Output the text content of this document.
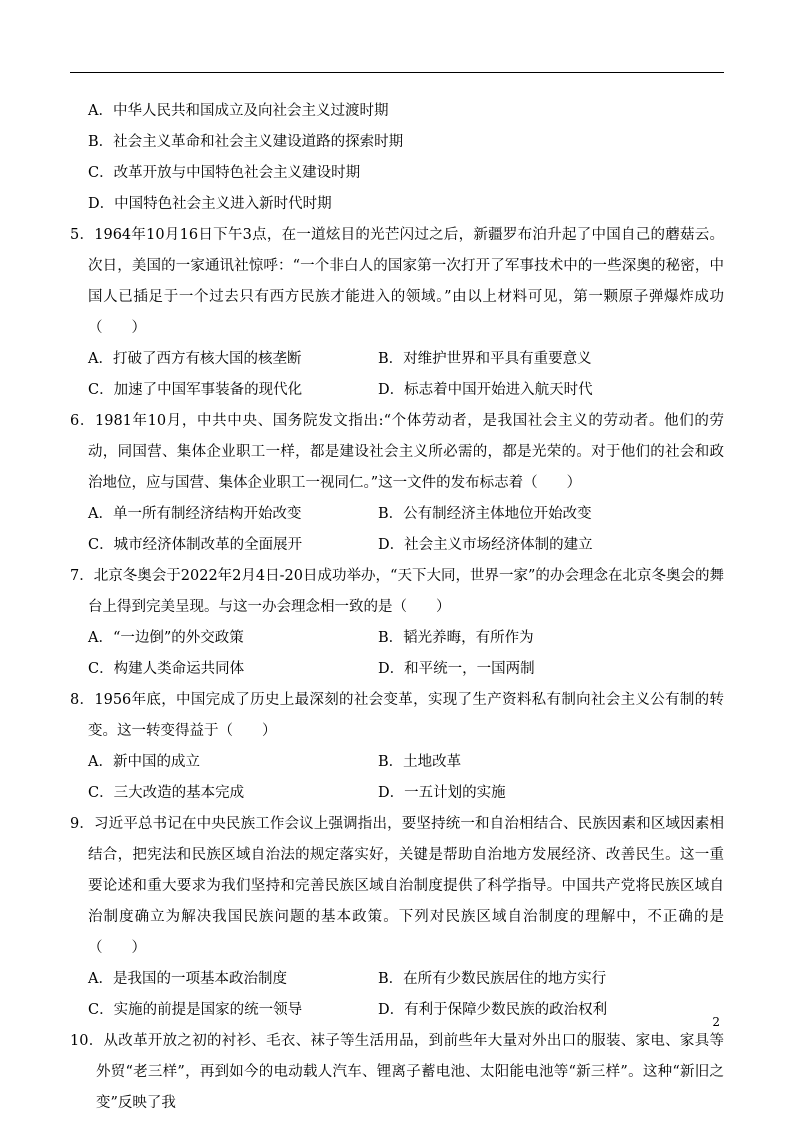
A．中华人民共和国成立及向社会主义过渡时期
B．社会主义革命和社会主义建设道路的探索时期
C．改革开放与中国特色社会主义建设时期
D．中国特色社会主义进入新时代时期

5．1964年10月16日下午3点，在一道炫目的光芒闪过之后，新疆罗布泊升起了中国自己的蘑菇云。次日，美国的一家通讯社惊呼：“一个非白人的国家第一次打开了军事技术中的一些深奥的秘密，中国人已插足于一个过去只有西方民族才能进入的领域。”由以上材料可见，第一颗原子弹爆炸成功（　　）

A．打破了西方有核大国的核垄断	B．对维护世界和平具有重要意义
C．加速了中国军事装备的现代化	D．标志着中国开始进入航天时代

6．1981年10月，中共中央、国务院发文指出:“个体劳动者，是我国社会主义的劳动者。他们的劳动，同国营、集体企业职工一样，都是建设社会主义所必需的，都是光荣的。对于他们的社会和政治地位，应与国营、集体企业职工一视同仁。”这一文件的发布标志着（　　）

A．单一所有制经济结构开始改变	B．公有制经济主体地位开始改变
C．城市经济体制改革的全面展开	D．社会主义市场经济体制的建立

7．北京冬奥会于2022年2月4日-20日成功举办，“天下大同，世界一家”的办会理念在北京冬奥会的舞台上得到完美呈现。与这一办会理念相一致的是（　　）

A．“一边倒”的外交政策	B．韬光养晦，有所作为
C．构建人类命运共同体	D．和平统一，一国两制

8．1956年底，中国完成了历史上最深刻的社会变革，实现了生产资料私有制向社会主义公有制的转变。这一转变得益于（　　）

A．新中国的成立	B．土地改革
C．三大改造的基本完成	D．一五计划的实施

9．习近平总书记在中央民族工作会议上强调指出，要坚持统一和自治相结合、民族因素和区域因素相结合，把宪法和民族区域自治法的规定落实好，关键是帮助自治地方发展经济、改善民生。这一重要论述和重大要求为我们坚持和完善民族区域自治制度提供了科学指导。中国共产党将民族区域自治制度确立为解决我国民族问题的基本政策。下列对民族区域自治制度的理解中，不正确的是（　　）

A．是我国的一项基本政治制度	B．在所有少数民族居住的地方实行
C．实施的前提是国家的统一领导	D．有利于保障少数民族的政治权利

10．从改革开放之初的衬衫、毛衣、袜子等生活用品，到前些年大量对外出口的服装、家电、家具等外贸“老三样”，再到如今的电动载人汽车、锂离子蓄电池、太阳能电池等“新三样”。这种“新旧之变”反映了我

2
